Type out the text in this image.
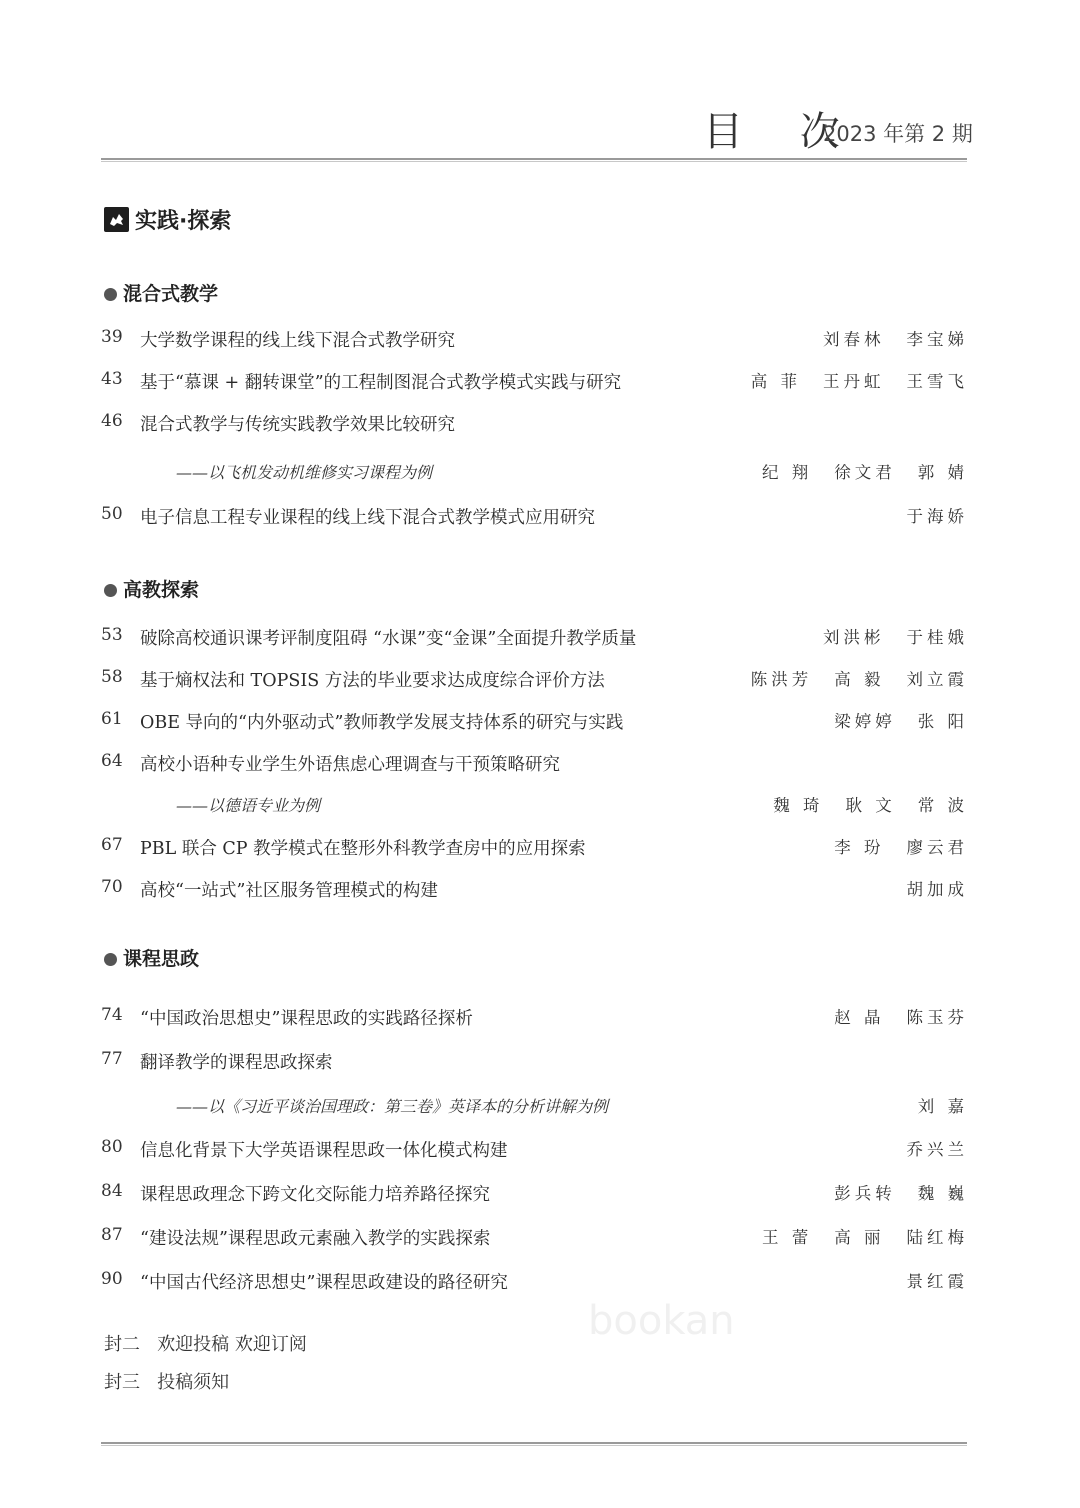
目 次
2023 年第 2 期
实践·探索
混合式教学
高教探索
课程思政
39 大学数学课程的线上线下混合式教学研究	刘春林 李宝娣
43 基于“慕课 + 翻转课堂”的工程制图混合式教学模式实践与研究	高 菲 王丹虹 王雪飞
46 混合式教学与传统实践教学效果比较研究
——以飞机发动机维修实习课程为例	纪 翔 徐文君 郭 婧
50 电子信息工程专业课程的线上线下混合式教学模式应用研究	于海娇
53 破除高校通识课考评制度阻碍 “水课”变“金课”全面提升教学质量	刘洪彬 于桂娥
58 基于熵权法和 TOPSIS 方法的毕业要求达成度综合评价方法	陈洪芳 高 毅 刘立霞
61 OBE 导向的“内外驱动式”教师教学发展支持体系的研究与实践	梁婷婷 张 阳
64 高校小语种专业学生外语焦虑心理调查与干预策略研究
——以德语专业为例	魏 琦 耿 文 常 波
67 PBL 联合 CP 教学模式在整形外科教学查房中的应用探索	李 玢 廖云君
70 高校“一站式”社区服务管理模式的构建	胡加成
74 “中国政治思想史”课程思政的实践路径探析	赵 晶 陈玉芬
77 翻译教学的课程思政探索
——以《习近平谈治国理政：第三卷》英译本的分析讲解为例	刘 嘉
80 信息化背景下大学英语课程思政一体化模式构建	乔兴兰
84 课程思政理念下跨文化交际能力培养路径探究	彭兵转 魏 巍
87 “建设法规”课程思政元素融入教学的实践探索	王 蕾 高 丽 陆红梅
90 “中国古代经济思想史”课程思政建设的路径研究	景红霞
封二 欢迎投稿 欢迎订阅
封三 投稿须知
bookan
